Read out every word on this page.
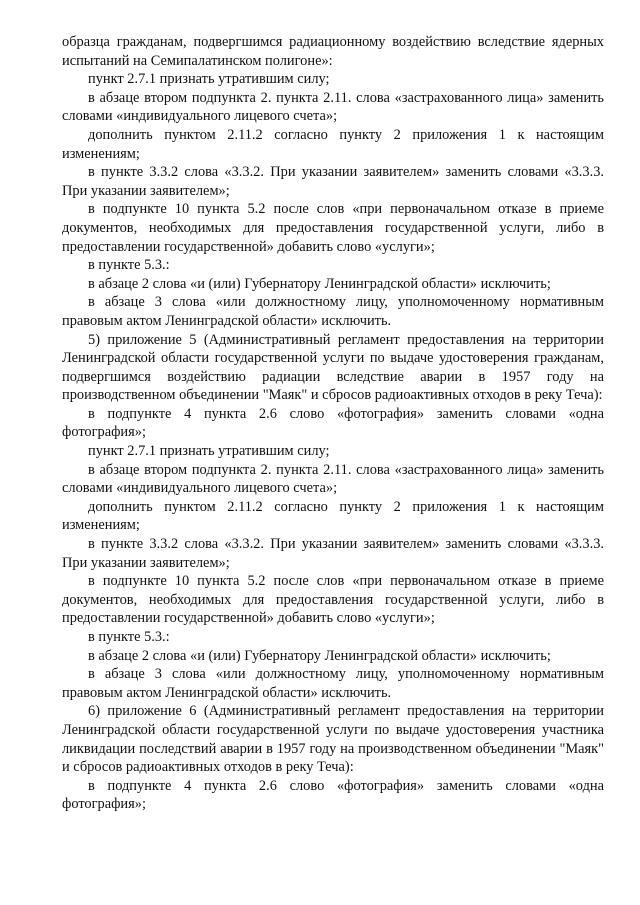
образца гражданам, подвергшимся радиационному воздействию вследствие ядерных испытаний на Семипалатинском полигоне»:

пункт 2.7.1 признать утратившим силу;

в абзаце втором подпункта 2. пункта 2.11. слова «застрахованного лица» заменить словами «индивидуального лицевого счета»;

дополнить пунктом 2.11.2 согласно пункту 2 приложения 1 к настоящим изменениям;

в пункте 3.3.2 слова «3.3.2. При указании заявителем» заменить словами «3.3.3. При указании заявителем»;

в подпункте 10 пункта 5.2 после слов «при первоначальном отказе в приеме документов, необходимых для предоставления государственной услуги, либо в предоставлении государственной» добавить слово «услуги»;

в пункте 5.3.:

в абзаце 2 слова «и (или) Губернатору Ленинградской области» исключить;

в абзаце 3 слова «или должностному лицу, уполномоченному нормативным правовым актом Ленинградской области» исключить.

5) приложение 5 (Административный регламент предоставления на территории Ленинградской области государственной услуги по выдаче удостоверения гражданам, подвергшимся воздействию радиации вследствие аварии в 1957 году на производственном объединении "Маяк" и сбросов радиоактивных отходов в реку Теча):

в подпункте 4 пункта 2.6 слово «фотография» заменить словами «одна фотография»;

пункт 2.7.1 признать утратившим силу;

в абзаце втором подпункта 2. пункта 2.11. слова «застрахованного лица» заменить словами «индивидуального лицевого счета»;

дополнить пунктом 2.11.2 согласно пункту 2 приложения 1 к настоящим изменениям;

в пункте 3.3.2 слова «3.3.2. При указании заявителем» заменить словами «3.3.3. При указании заявителем»;

в подпункте 10 пункта 5.2 после слов «при первоначальном отказе в приеме документов, необходимых для предоставления государственной услуги, либо в предоставлении государственной» добавить слово «услуги»;

в пункте 5.3.:

в абзаце 2 слова «и (или) Губернатору Ленинградской области» исключить;

в абзаце 3 слова «или должностному лицу, уполномоченному нормативным правовым актом Ленинградской области» исключить.

6) приложение 6 (Административный регламент предоставления на территории Ленинградской области государственной услуги по выдаче удостоверения участника ликвидации последствий аварии в 1957 году на производственном объединении "Маяк" и сбросов радиоактивных отходов в реку Теча):

в подпункте 4 пункта 2.6 слово «фотография» заменить словами «одна фотография»;
